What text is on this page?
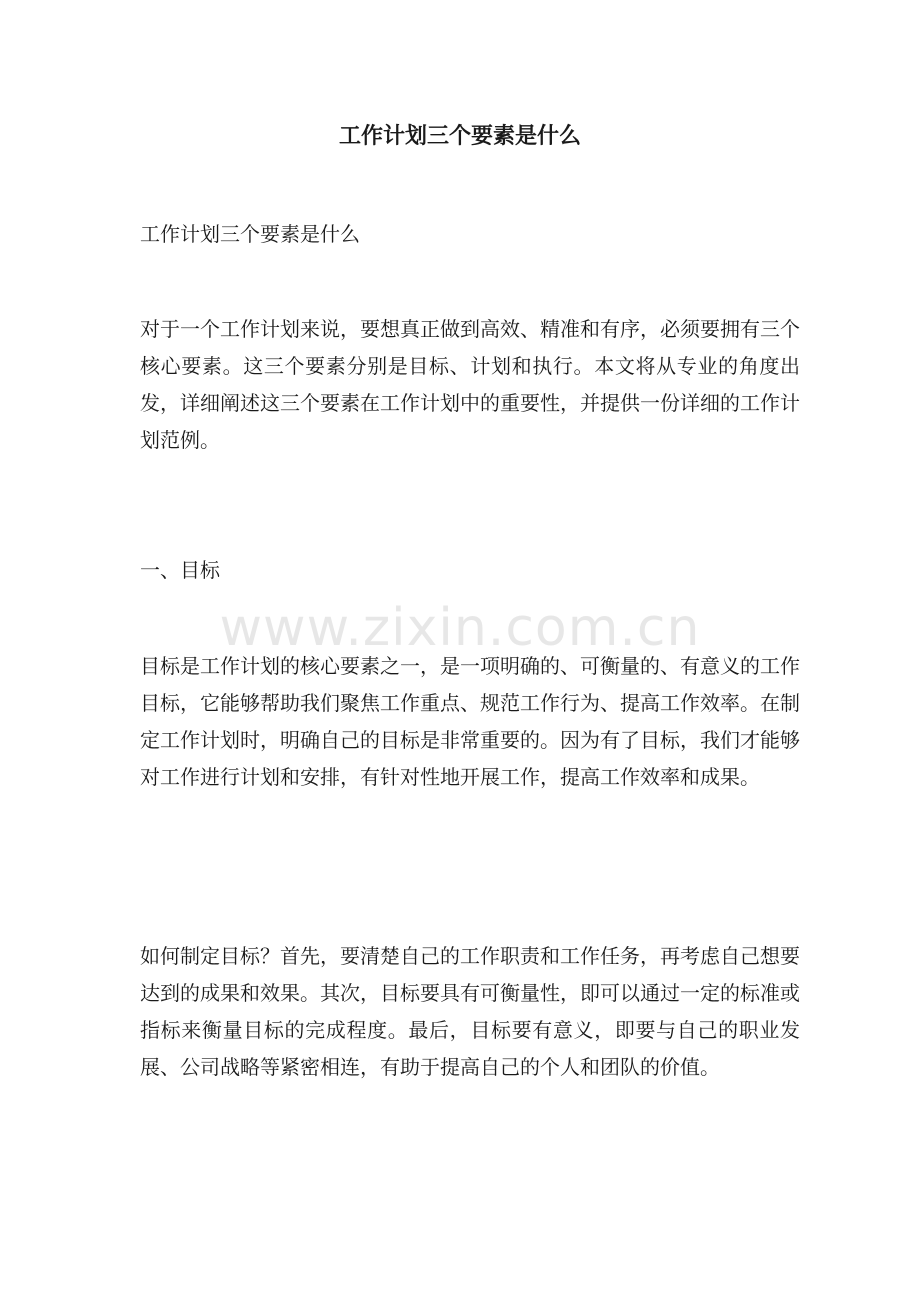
工作计划三个要素是什么

工作计划三个要素是什么

对于一个工作计划来说，要想真正做到高效、精准和有序，必须要拥有三个核心要素。这三个要素分别是目标、计划和执行。本文将从专业的角度出发，详细阐述这三个要素在工作计划中的重要性，并提供一份详细的工作计划范例。

一、目标

目标是工作计划的核心要素之一，是一项明确的、可衡量的、有意义的工作目标，它能够帮助我们聚焦工作重点、规范工作行为、提高工作效率。在制定工作计划时，明确自己的目标是非常重要的。因为有了目标，我们才能够对工作进行计划和安排，有针对性地开展工作，提高工作效率和成果。

如何制定目标？首先，要清楚自己的工作职责和工作任务，再考虑自己想要达到的成果和效果。其次，目标要具有可衡量性，即可以通过一定的标准或指标来衡量目标的完成程度。最后，目标要有意义，即要与自己的职业发展、公司战略等紧密相连，有助于提高自己的个人和团队的价值。

www.zixin.com.cn
